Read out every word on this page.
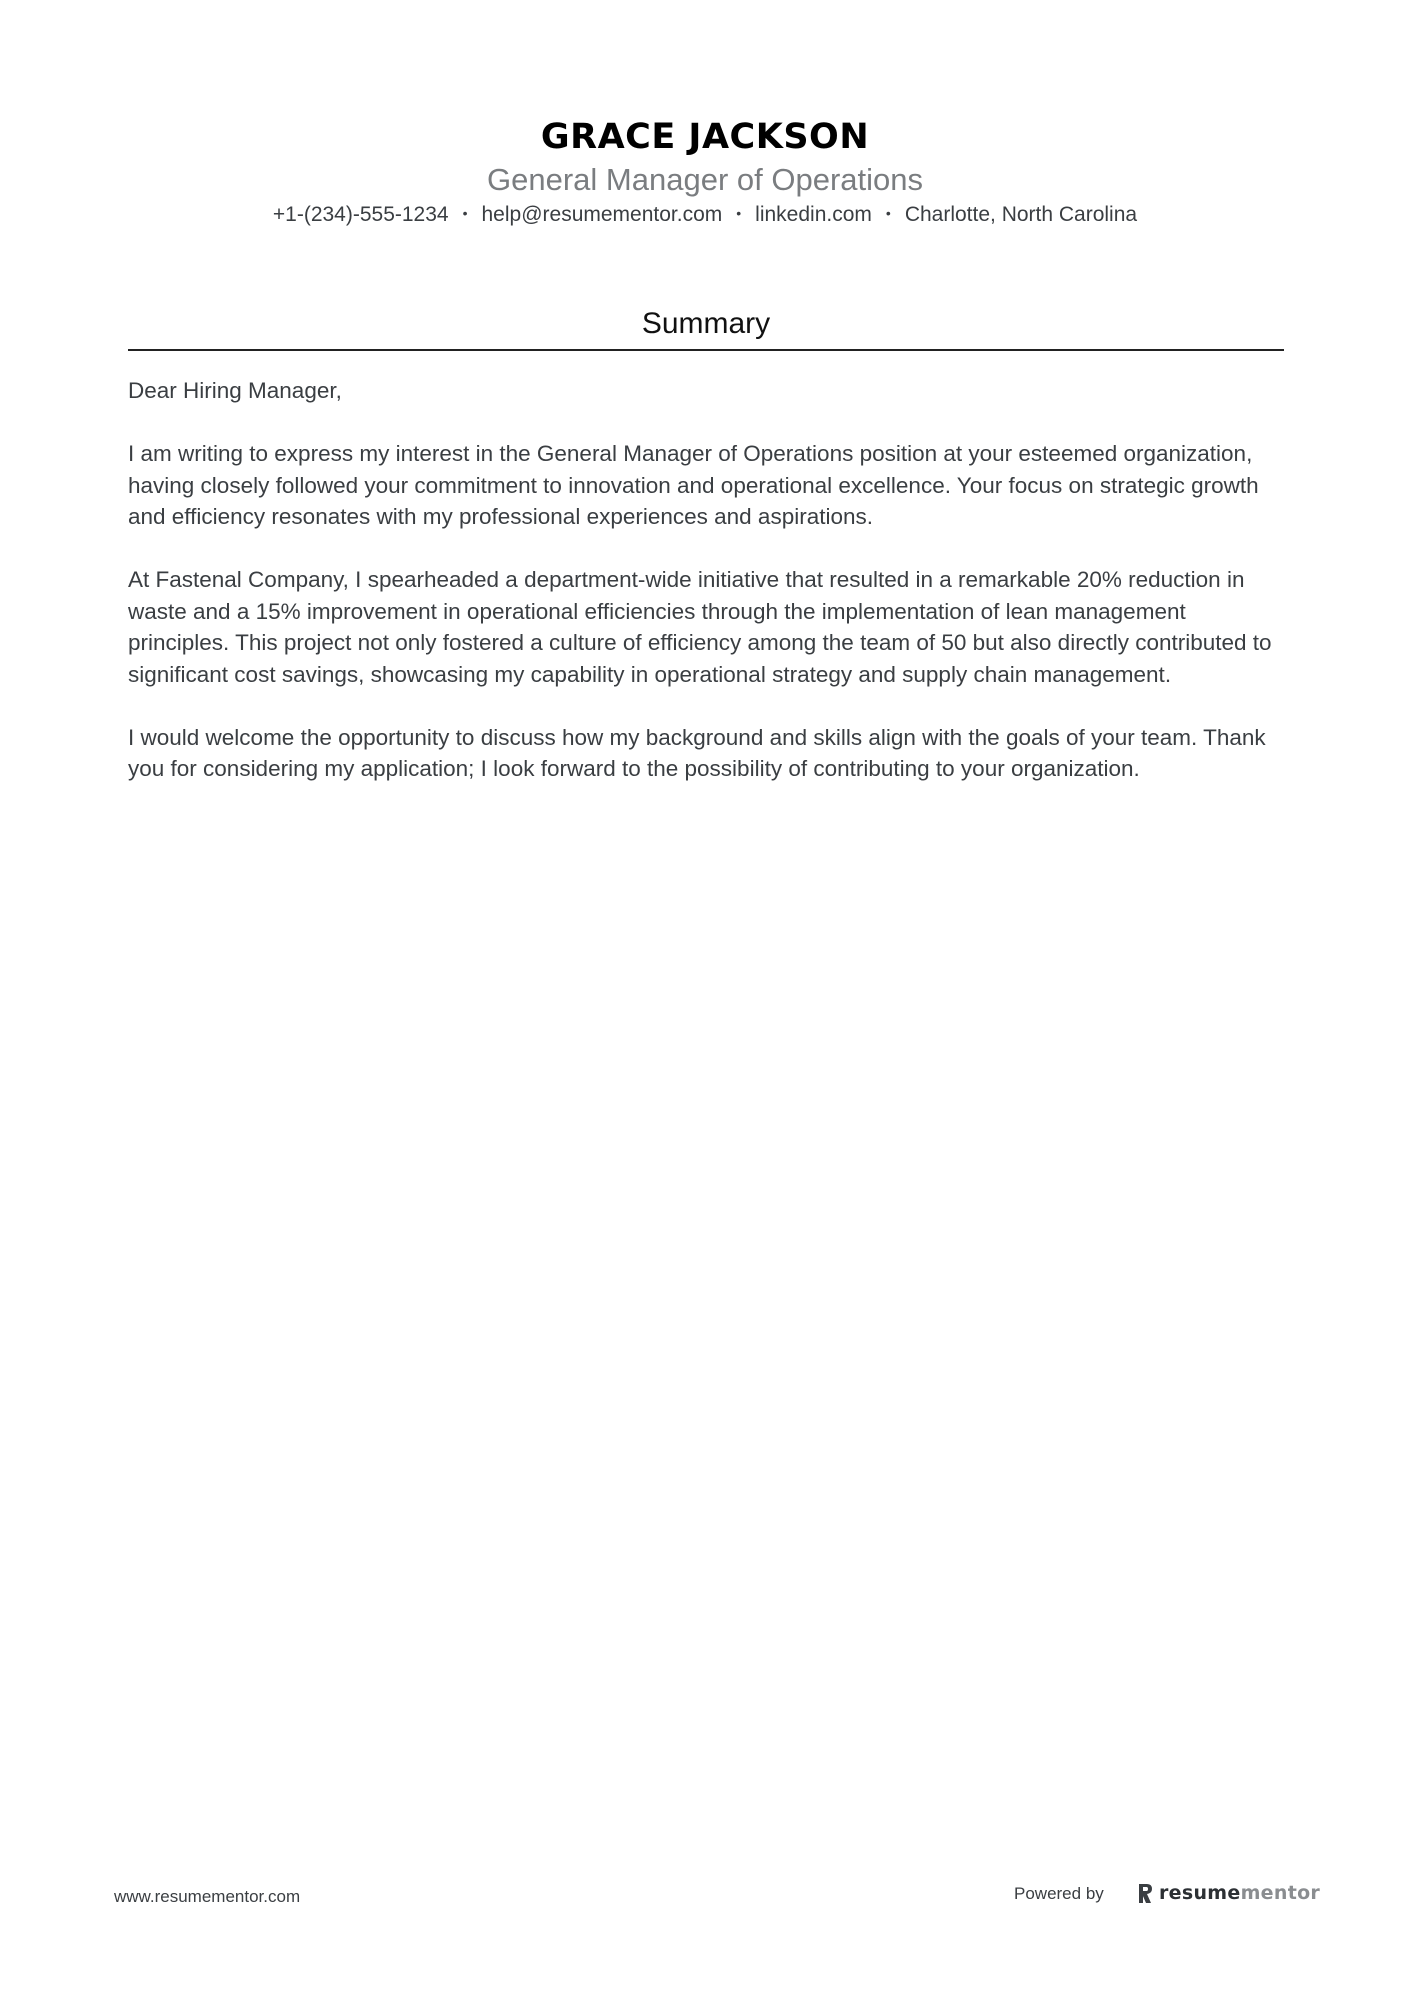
GRACE JACKSON
General Manager of Operations
+1-(234)-555-1234 • help@resumementor.com • linkedin.com • Charlotte, North Carolina
Summary

Dear Hiring Manager,

I am writing to express my interest in the General Manager of Operations position at your esteemed organization, having closely followed your commitment to innovation and operational excellence. Your focus on strategic growth and efficiency resonates with my professional experiences and aspirations.

At Fastenal Company, I spearheaded a department-wide initiative that resulted in a remarkable 20% reduction in waste and a 15% improvement in operational efficiencies through the implementation of lean management principles. This project not only fostered a culture of efficiency among the team of 50 but also directly contributed to significant cost savings, showcasing my capability in operational strategy and supply chain management.

I would welcome the opportunity to discuss how my background and skills align with the goals of your team. Thank you for considering my application; I look forward to the possibility of contributing to your organization.

www.resumementor.com	Powered by	resumementor
